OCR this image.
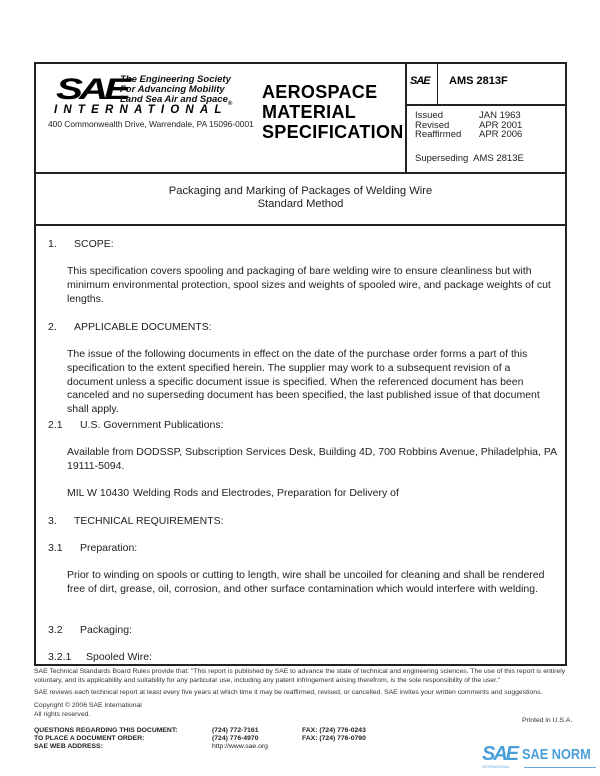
SAE
The Engineering Society
For Advancing Mobility
Land Sea Air and Space$_®$
INTERNATIONAL
400 Commonwealth Drive, Warrendale, PA 15096-0001
AEROSPACE
MATERIAL
SPECIFICATION
SAE AMS 2813F
Issued	JAN 1963
Revised	APR 2001
Reaffirmed	APR 2006
Superseding AMS 2813E
Packaging and Marking of Packages of Welding Wire
Standard Method
1. SCOPE:
This specification covers spooling and packaging of bare welding wire to ensure cleanliness but with minimum environmental protection, spool sizes and weights of spooled wire, and package weights of cut lengths.
2. APPLICABLE DOCUMENTS:
The issue of the following documents in effect on the date of the purchase order forms a part of this specification to the extent specified herein. The supplier may work to a subsequent revision of a document unless a specific document issue is specified. When the referenced document has been canceled and no superseding document has been specified, the last published issue of that document shall apply.
2.1 U.S. Government Publications:
Available from DODSSP, Subscription Services Desk, Building 4D, 700 Robbins Avenue, Philadelphia, PA 19111-5094.
MIL W 10430 Welding Rods and Electrodes, Preparation for Delivery of
3. TECHNICAL REQUIREMENTS:
3.1 Preparation:
Prior to winding on spools or cutting to length, wire shall be uncoiled for cleaning and shall be rendered free of dirt, grease, oil, corrosion, and other surface contamination which would interfere with welding.
3.2 Packaging:
3.2.1 Spooled Wire:
SAE Technical Standards Board Rules provide that: "This report is published by SAE to advance the state of technical and engineering sciences. The use of this report is entirely
voluntary, and its applicability and suitability for any particular use, including any patent infringement arising therefrom, is the sole responsibility of the user."
SAE reviews each technical report at least every five years at which time it may be reaffirmed, revised, or cancelled. SAE invites your written comments and suggestions.
Copyright © 2006 SAE International
All rights reserved.
Printed in U.S.A.
QUESTIONS REGARDING THIS DOCUMENT:	(724) 772-7161	FAX: (724) 776-0243
TO PLACE A DOCUMENT ORDER:	(724) 776-4970	FAX: (724) 776-0790
SAE WEB ADDRESS:	http://www.sae.org	SAE SAE NORM
INTERNATIONAL
